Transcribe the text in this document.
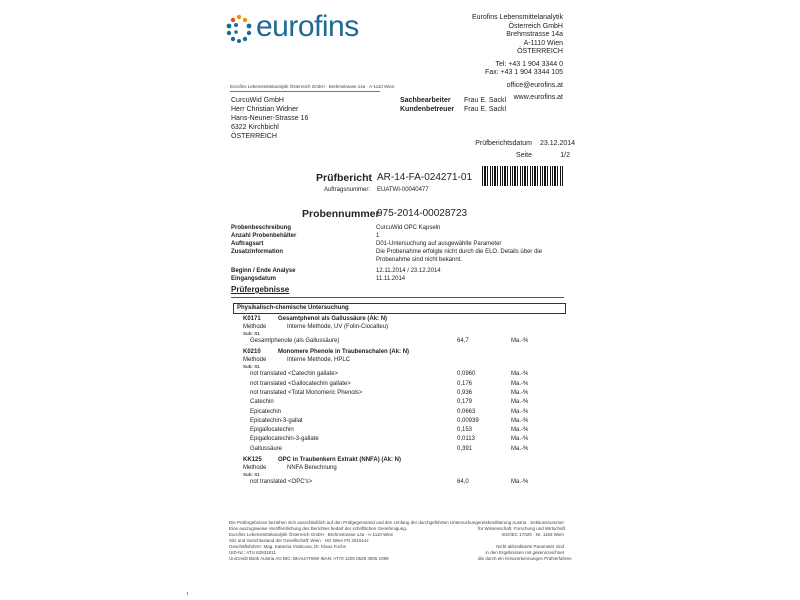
eurofins	Eurofins Lebensmittelanalytik Österreich GmbH
Brehmstrasse 14a
A-1110 Wien
ÖSTERREICH

Tel: +43 1 904 3344 0
Fax: +43 1 904 3344 105

office@eurofins.at

www.eurofins.at
Eurofins Lebensmittelanalytik Österreich GmbH · Brehmstrasse 14a · A-1110 Wien
CurcuWid GmbH
Herr Christian Widner
Hans-Neuner-Strasse 16
6322 Kirchbichl
ÖSTERREICH
Sachbearbeiter	Frau E. Sackl
Kundenbetreuer	Frau E. Sackl
Prüfberichtsdatum	23.12.2014
Seite	1/2
Prüfbericht AR-14-FA-024271-01
Auftragsnummer: EUATWI-00040477
Probennummer
975-2014-00028723
Probenbeschreibung	CurcuWid OPC Kapseln
Anzahl Probenbehälter	1
Auftragsart	D01-Untersuchung auf ausgewählte Parameter
Zusatzinformation	Die Probenahme erfolgte nicht durch die ELO. Details über die
Probenahme sind nicht bekannt.
Beginn / Ende Analyse	12.11.2014 / 23.12.2014
Eingangsdatum	11.11.2014
Prüfergebnisse
Physikalisch-chemische Untersuchung
K0171	Gesamtphenol als Gallussäure (Ak: N)
Methode	Interne Methode, UV (Folin-Ciocalteu)
Sub: S1
Gesamtphenole (als Gallussäure)	64,7	Ma.-%
K0210	Monomere Phenole in Traubenschalen (Ak: N)
Methode	Interne Methode, HPLC
Sub: S1
not translated <Catechin gallate>	0,0960	Ma.-%
not translated <Gallocatechin gallate>	0,176	Ma.-%
not translated <Total Monomeric Phenols>	0,936	Ma.-%
Catechin	0,179	Ma.-%
Epicatechin	0,0663	Ma.-%
Epicatechin-3-gallat	0,00939	Ma.-%
Epigallocatechin	0,153	Ma.-%
Epigallocatechin-3-gallate	0,0113	Ma.-%
Gallussäure	0,391	Ma.-%
KK125	OPC in Traubenkern Extrakt (NNFA) (Ak: N)
Methode	NNFA Berechnung
Sub: S1
not translated <OPC's>	64,0	Ma.-%
Die Prüfergebnisse beziehen sich ausschließlich auf den Prüfgegenstand und den Umfang der durchgeführten Untersuchungen.
Eine auszugsweise Veröffentlichung des Berichtes bedarf der schriftlichen Genehmigung.
Eurofins Lebensmittelanalytik Österreich GmbH · Brehmstrasse 14a · A-1110 Wien
Sitz und Gerichtsstand der Gesellschaft: Wien · HG Wien FN 261514z
Geschäftsführer: Mag. Katarina Vrabcova, Dr. Klaus Fuchs
UID-Nr.: ATU 62931811
UniCredit Bank Austria AG BIC: BKAUATWW IBAN: AT70 1200 0528 4005 1089
Akkreditierung Austria · Sektionsnummer
für Wissenschaft, Forschung und Wirtschaft
ISO/IEC 17025 · Nr. 1163 Wien

Nicht akkreditierte Parameter sind
in den Ergebnissen mit gekennzeichnet
die durch ein Kreuzerkennungen Prüfverfahren
